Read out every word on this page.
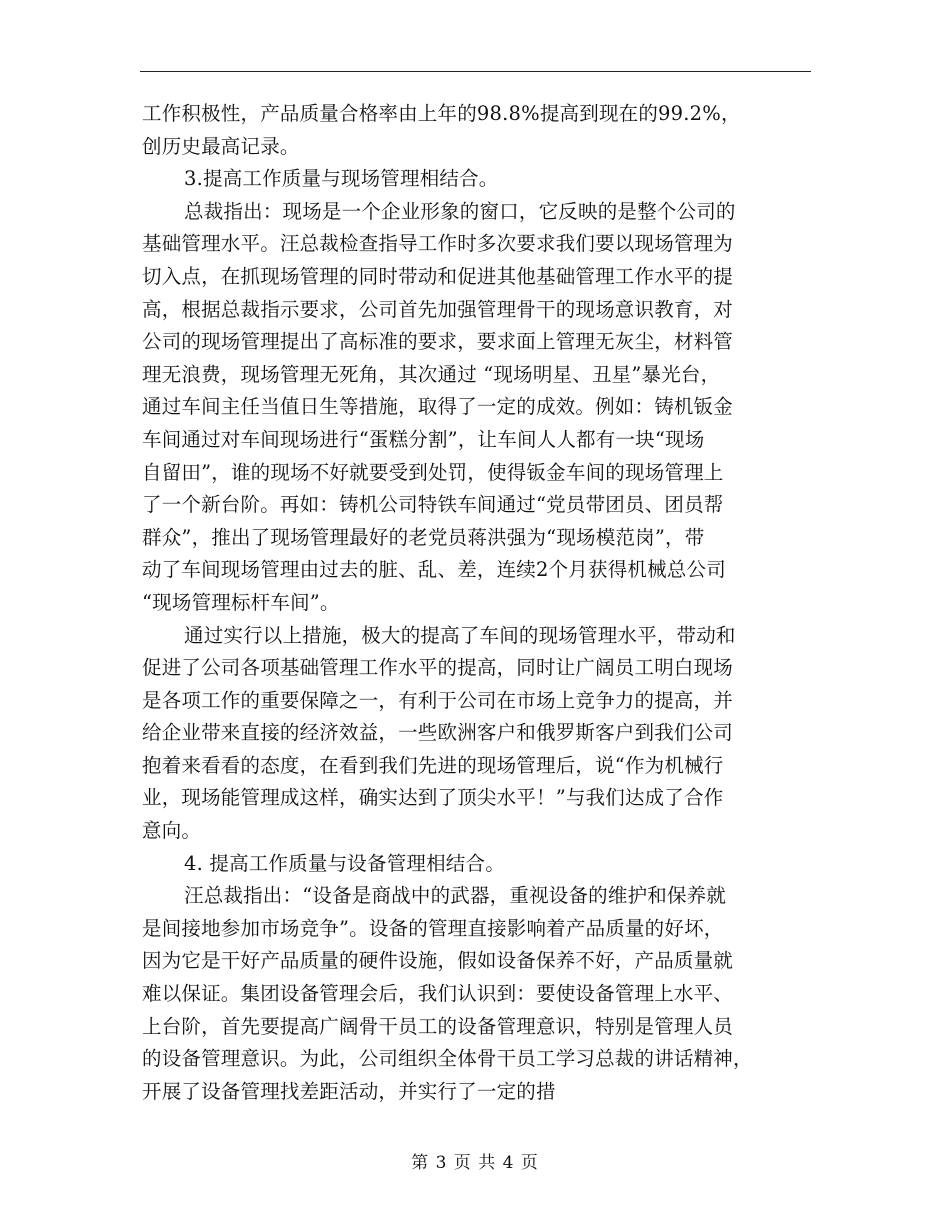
工作积极性，产品质量合格率由上年的98.8%提高到现在的99.2%，
创历史最高记录。
3.提高工作质量与现场管理相结合。
总裁指出：现场是一个企业形象的窗口，它反映的是整个公司的
基础管理水平。汪总裁检查指导工作时多次要求我们要以现场管理为
切入点，在抓现场管理的同时带动和促进其他基础管理工作水平的提
高，根据总裁指示要求，公司首先加强管理骨干的现场意识教育，对
公司的现场管理提出了高标准的要求，要求面上管理无灰尘，材料管
理无浪费，现场管理无死角，其次通过 “现场明星、丑星”暴光台，
通过车间主任当值日生等措施，取得了一定的成效。例如：铸机钣金
车间通过对车间现场进行“蛋糕分割”，让车间人人都有一块“现场
自留田”，谁的现场不好就要受到处罚，使得钣金车间的现场管理上
了一个新台阶。再如：铸机公司特铁车间通过“党员带团员、团员帮
群众”，推出了现场管理最好的老党员蒋洪强为“现场模范岗”，带
动了车间现场管理由过去的脏、乱、差，连续2个月获得机械总公司
“现场管理标杆车间”。
通过实行以上措施，极大的提高了车间的现场管理水平，带动和
促进了公司各项基础管理工作水平的提高，同时让广阔员工明白现场
是各项工作的重要保障之一，有利于公司在市场上竞争力的提高，并
给企业带来直接的经济效益，一些欧洲客户和俄罗斯客户到我们公司
抱着来看看的态度，在看到我们先进的现场管理后，说“作为机械行
业，现场能管理成这样，确实达到了顶尖水平！”与我们达成了合作
意向。
4. 提高工作质量与设备管理相结合。
汪总裁指出：“设备是商战中的武器，重视设备的维护和保养就
是间接地参加市场竞争”。设备的管理直接影响着产品质量的好坏，
因为它是干好产品质量的硬件设施，假如设备保养不好，产品质量就
难以保证。集团设备管理会后，我们认识到：要使设备管理上水平、
上台阶，首先要提高广阔骨干员工的设备管理意识，特别是管理人员
的设备管理意识。为此，公司组织全体骨干员工学习总裁的讲话精神，
开展了设备管理找差距活动，并实行了一定的措
第 3 页 共 4 页
